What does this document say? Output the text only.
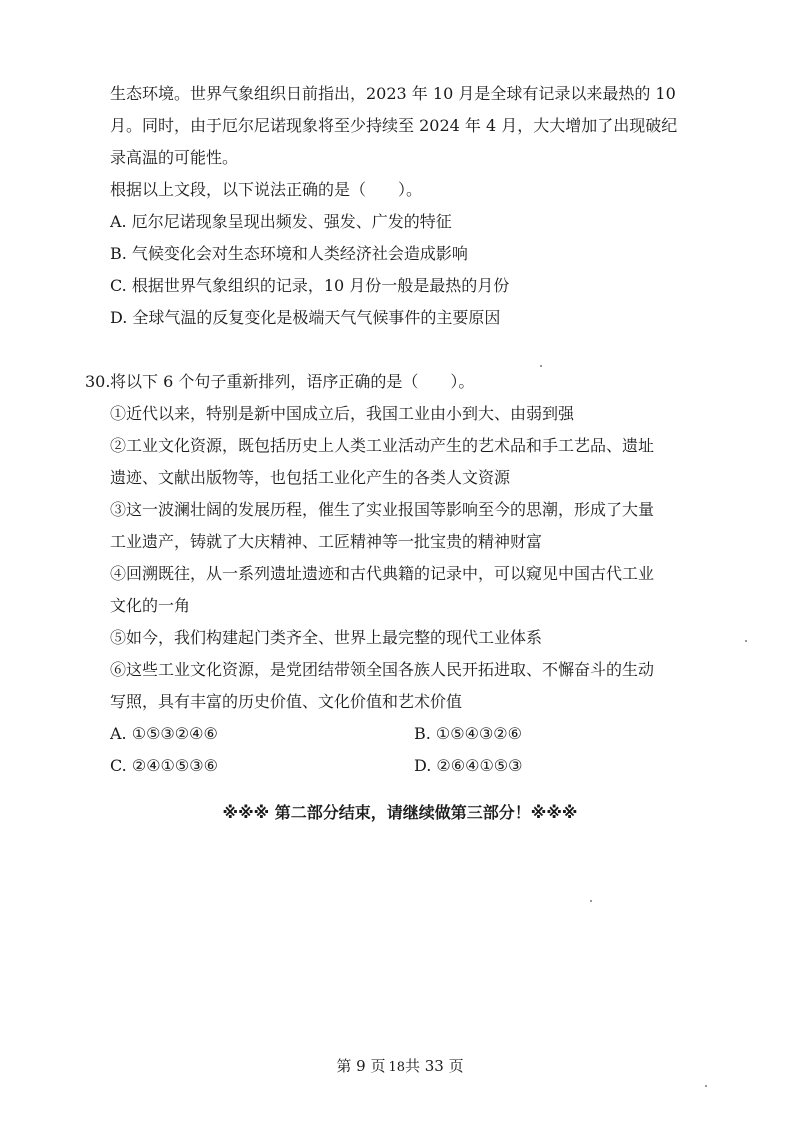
生态环境。世界气象组织日前指出，2023 年 10 月是全球有记录以来最热的 10
月。同时，由于厄尔尼诺现象将至少持续至 2024 年 4 月，大大增加了出现破纪
录高温的可能性。
根据以上文段，以下说法正确的是（　　）。
A. 厄尔尼诺现象呈现出频发、强发、广发的特征
B. 气候变化会对生态环境和人类经济社会造成影响
C. 根据世界气象组织的记录，10 月份一般是最热的月份
D. 全球气温的反复变化是极端天气气候事件的主要原因
30. 将以下 6 个句子重新排列，语序正确的是（　　）。
①近代以来，特别是新中国成立后，我国工业由小到大、由弱到强
②工业文化资源，既包括历史上人类工业活动产生的艺术品和手工艺品、遗址
遗迹、文献出版物等，也包括工业化产生的各类人文资源
③这一波澜壮阔的发展历程，催生了实业报国等影响至今的思潮，形成了大量
工业遗产，铸就了大庆精神、工匠精神等一批宝贵的精神财富
④回溯既往，从一系列遗址遗迹和古代典籍的记录中，可以窥见中国古代工业
文化的一角
⑤如今，我们构建起门类齐全、世界上最完整的现代工业体系
⑥这些工业文化资源，是党团结带领全国各族人民开拓进取、不懈奋斗的生动
写照，具有丰富的历史价值、文化价值和艺术价值
A. ①⑤③②④⑥	B. ①⑤④③②⑥
C. ②④①⑤③⑥	D. ②⑥④①⑤③
※※※ 第二部分结束，请继续做第三部分！※※※
第 9 页 18共 33 页
